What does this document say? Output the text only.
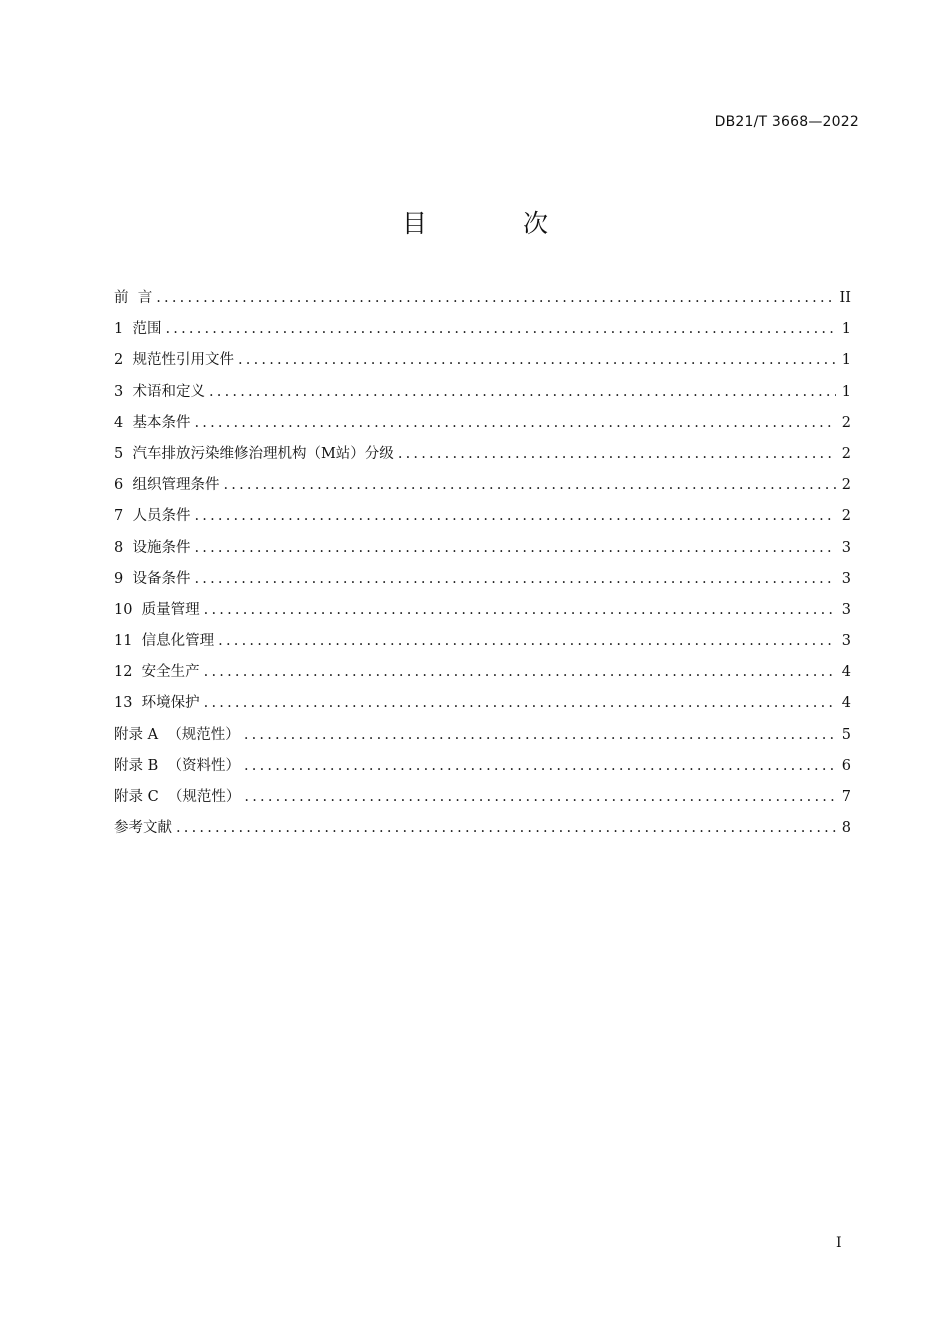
DB21/T 3668—2022
目 次
前  言 .....	II
1 范围 .....	1
2 规范性引用文件 .....	1
3 术语和定义 .....	1
4 基本条件 .....	2
5 汽车排放污染维修治理机构（M站）分级 .....	2
6 组织管理条件 .....	2
7 人员条件 .....	2
8 设施条件 .....	3
9 设备条件 .....	3
10 质量管理 .....	3
11 信息化管理 .....	3
12 安全生产 .....	4
13 环境保护 .....	4
附录 A （规范性） .....	5
附录 B （资料性） .....	6
附录 C （规范性） .....	7
参考文献 .....	8
I
